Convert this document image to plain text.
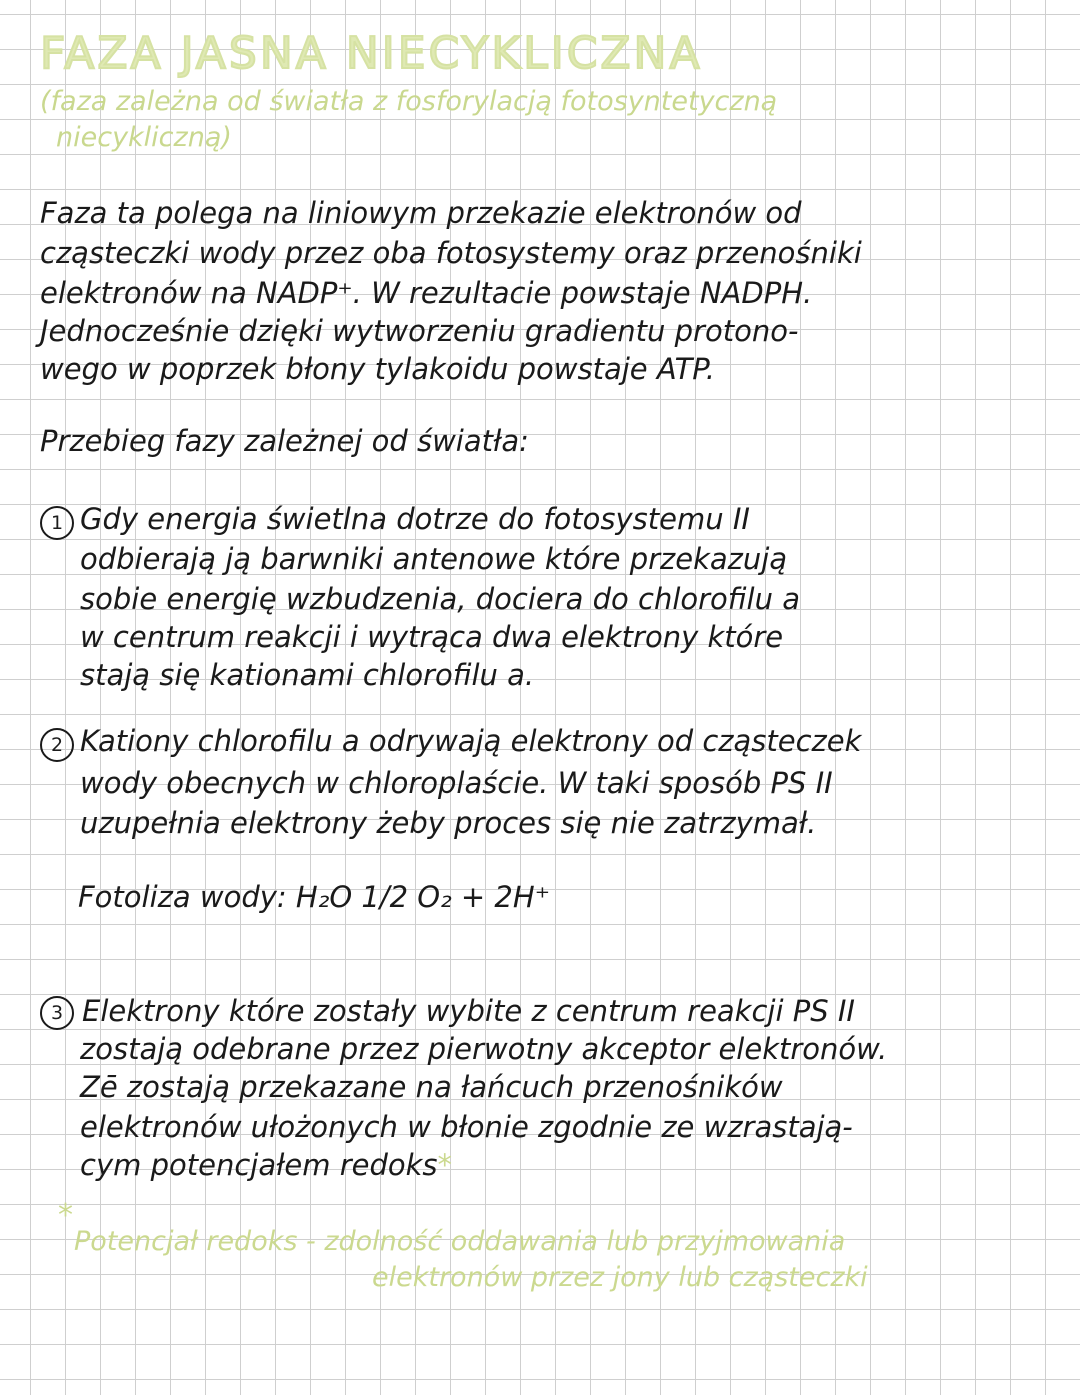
FAZA JASNA NIECYKLICZNA

(faza zależna od światła z fosforylacją fotosyntetyczną

niecykliczną)

Faza ta polega na liniowym przekazie elektronów od

cząsteczki wody przez oba fotosystemy oraz przenośniki

elektronów na NADP⁺. W rezultacie powstaje NADPH.

Jednocześnie dzięki wytworzeniu gradientu protono-

wego w poprzek błony tylakoidu powstaje ATP.

Przebieg fazy zależnej od światła:

1 Gdy energia świetlna dotrze do fotosystemu II

odbierają ją barwniki antenowe które przekazują

sobie energię wzbudzenia, dociera do chlorofilu a

w centrum reakcji i wytrąca dwa elektrony które

stają się kationami chlorofilu a.

2 Kationy chlorofilu a odrywają elektrony od cząsteczek

wody obecnych w chloroplaście. W taki sposób PS II

uzupełnia elektrony żeby proces się nie zatrzymał.

Fotoliza wody: H₂O 1/2 O₂ + 2H⁺

3 Elektrony które zostały wybite z centrum reakcji PS II

zostają odebrane przez pierwotny akceptor elektronów.

Zē zostają przekazane na łańcuch przenośników

elektronów ułożonych w błonie zgodnie ze wzrastają-

cym potencjałem redoks*

*

Potencjał redoks - zdolność oddawania lub przyjmowania

elektronów przez jony lub cząsteczki
